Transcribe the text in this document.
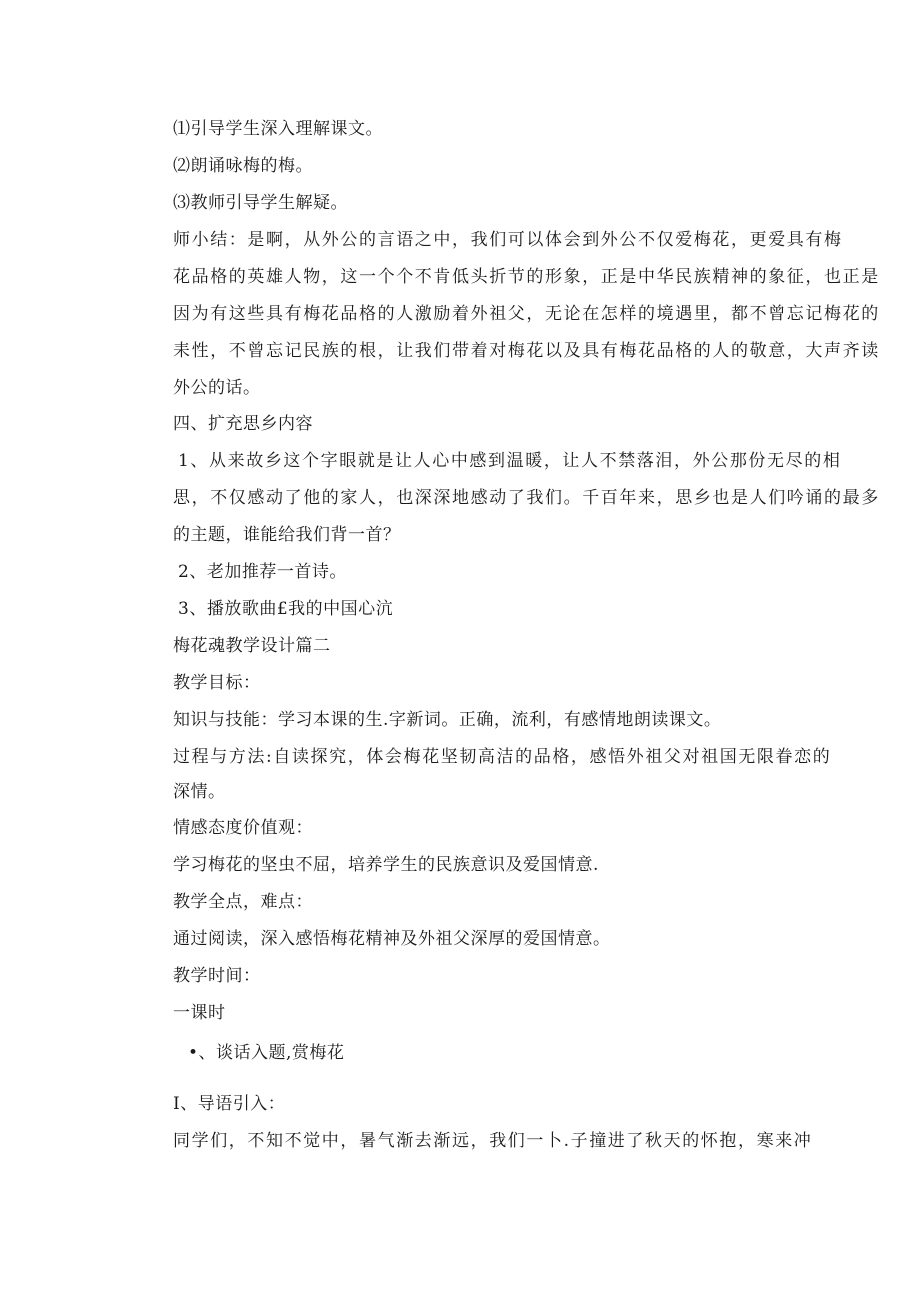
⑴引导学生深入理解课文。
⑵朗诵咏梅的梅。
⑶教师引导学生解疑。
师小结：是啊，从外公的言语之中，我们可以体会到外公不仅爱梅花，更爱具有梅
花品格的英雄人物，这一个个不肯低头折节的形象，正是中华民族精神的象征，也正是
因为有这些具有梅花品格的人激励着外祖父，无论在怎样的境遇里，都不曾忘记梅花的
耒性，不曾忘记民族的根，让我们带着对梅花以及具有梅花品格的人的敬意，大声齐读
外公的话。
四、扩充思乡内容
1、从来故乡这个字眼就是让人心中感到温暖，让人不禁落泪，外公那份无尽的相
思，不仅感动了他的家人，也深深地感动了我们。千百年来，思乡也是人们吟诵的最多
的主题，谁能给我们背一首？
2、老加推荐一首诗。
3、播放歌曲£我的中国心沆
梅花魂教学设计篇二
教学目标：
知识与技能：学习本课的生.字新词。正确，流利，有感情地朗读课文。
过程与方法:自读探究，体会梅花坚韧高洁的品格，感悟外祖父对祖国无限眷恋的
深情。
情感态度价值观：
学习梅花的坚虫不屈，培养学生的民族意识及爱国情意.
教学全点，难点：
通过阅读，深入感悟梅花精神及外祖父深厚的爱国情意。
教学时间：
一课时
•、谈话入题,赏梅花
I、导语引入：
同学们，不知不觉中，暑气渐去渐远，我们一卜.子撞进了秋天的怀抱，寒来冲
